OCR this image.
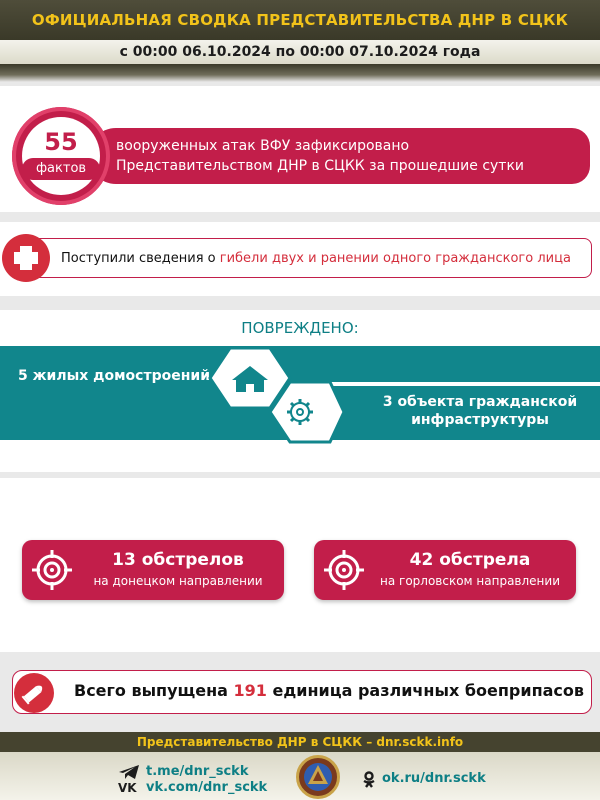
ОФИЦИАЛЬНАЯ СВОДКА ПРЕДСТАВИТЕЛЬСТВА ДНР В СЦКК
с 00:00 06.10.2024 по 00:00 07.10.2024 года
вооруженных атак ВФУ зафиксировано
Представительством ДНР в СЦКК за прошедшие сутки
55
фактов
Поступили сведения о гибели двух и ранении одного гражданского лица
ПОВРЕЖДЕНО:
5 жилых домостроений
3 объекта гражданской
инфраструктуры
13 обстрелов
на донецком направлении
42 обстрела
на горловском направлении
Всего выпущена 191 единица различных боеприпасов
Представительство ДНР в СЦКК – dnr.sckk.info
t.me/dnr_sckk
VK vk.com/dnr_sckk
ok.ru/dnr.sckk
